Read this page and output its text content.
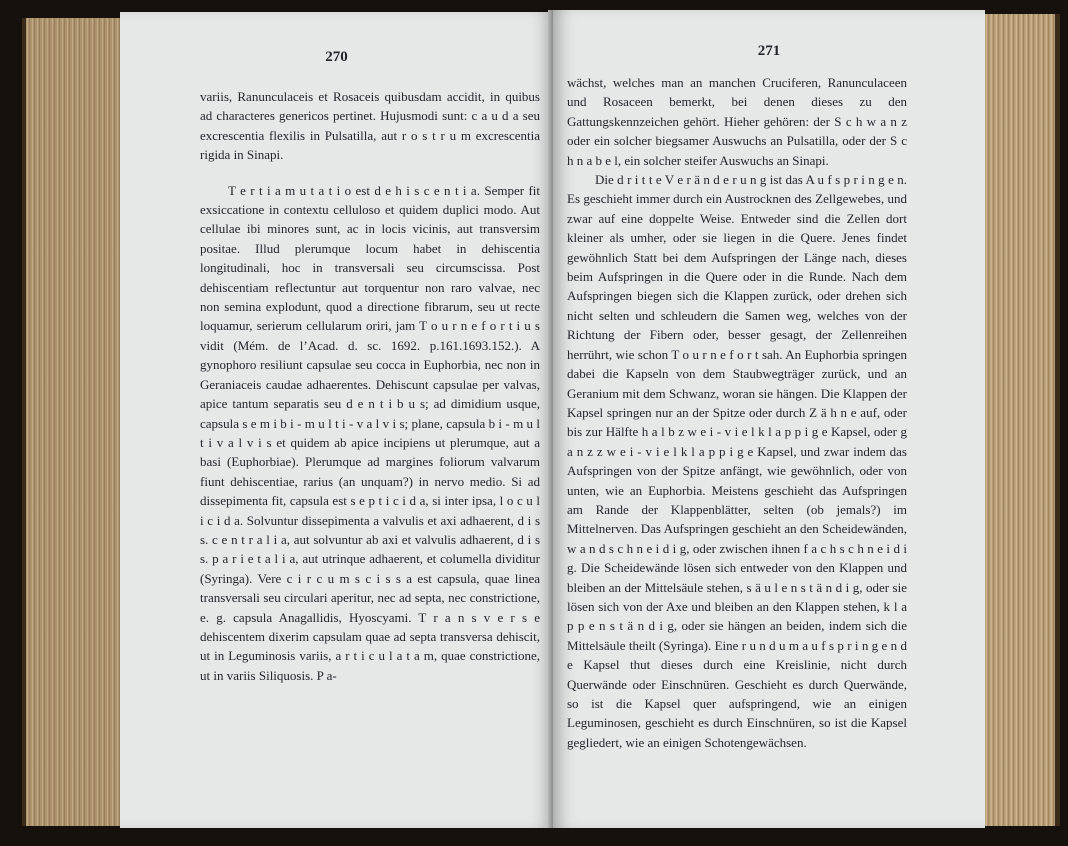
270

variis, Ranunculaceis et Rosaceis quibusdam accidit, in quibus ad characteres genericos pertinet. Hujusmodi sunt: c a u d a seu excrescentia flexilis in Pulsatilla, aut r o s t r u m excrescentia rigida in Sinapi.

T e r t i a m u t a t i o est d e h i s c e n t i a. Semper fit exsiccatione in contextu celluloso et quidem duplici modo. Aut cellulae ibi minores sunt, ac in locis vicinis, aut transversim positae. Illud plerumque locum habet in dehiscentia longitudinali, hoc in transversali seu circumscissa. Post dehiscentiam reflectuntur aut torquentur non raro valvae, nec non semina explodunt, quod a directione fibrarum, seu ut recte loquamur, serierum cellularum oriri, jam T o u r n e f o r t i u s vidit (Mém. de l’Acad. d. sc. 1692. p.161.1693.152.). A gynophoro resiliunt capsulae seu cocca in Euphorbia, nec non in Geraniaceis caudae adhaerentes. Dehiscunt capsulae per valvas, apice tantum separatis seu d e n t i b u s; ad dimidium usque, capsula s e m i b i - m u l t i - v a l v i s; plane, capsula b i - m u l t i v a l v i s et quidem ab apice incipiens ut plerumque, aut a basi (Euphorbiae). Plerumque ad margines foliorum valvarum fiunt dehiscentiae, rarius (an unquam?) in nervo medio. Si ad dissepimenta fit, capsula est s e p t i c i d a, si inter ipsa, l o c u l i c i d a. Solvuntur dissepimenta a valvulis et axi adhaerent, d i s s. c e n t r a l i a, aut solvuntur ab axi et valvulis adhaerent, d i s s. p a r i e t a l i a, aut utrinque adhaerent, et columella dividitur (Syringa). Vere c i r c u m s c i s s a est capsula, quae linea transversali seu circulari aperitur, nec ad septa, nec constrictione, e. g. capsula Anagallidis, Hyoscyami. T r a n s v e r s e dehiscentem dixerim capsulam quae ad septa transversa dehiscit, ut in Leguminosis variis, a r t i c u l a t a m, quae constrictione, ut in variis Siliquosis. P a-

271

wächst, welches man an manchen Cruciferen, Ranunculaceen und Rosaceen bemerkt, bei denen dieses zu den Gattungskennzeichen gehört. Hieher gehören: der S c h w a n z oder ein solcher biegsamer Auswuchs an Pulsatilla, oder der S c h n a b e l, ein solcher steifer Auswuchs an Sinapi.

Die d r i t t e V e r ä n d e r u n g ist das A u f s p r i n g e n. Es geschieht immer durch ein Austrocknen des Zellgewebes, und zwar auf eine doppelte Weise. Entweder sind die Zellen dort kleiner als umher, oder sie liegen in die Quere. Jenes findet gewöhnlich Statt bei dem Aufspringen der Länge nach, dieses beim Aufspringen in die Quere oder in die Runde. Nach dem Aufspringen biegen sich die Klappen zurück, oder drehen sich nicht selten und schleudern die Samen weg, welches von der Richtung der Fibern oder, besser gesagt, der Zellenreihen herrührt, wie schon T o u r n e f o r t sah. An Euphorbia springen dabei die Kapseln von dem Staubwegträger zurück, und an Geranium mit dem Schwanz, woran sie hängen. Die Klappen der Kapsel springen nur an der Spitze oder durch Z ä h n e auf, oder bis zur Hälfte h a l b z w e i - v i e l k l a p p i g e Kapsel, oder g a n z z w e i - v i e l k l a p p i g e Kapsel, und zwar indem das Aufspringen von der Spitze anfängt, wie gewöhnlich, oder von unten, wie an Euphorbia. Meistens geschieht das Aufspringen am Rande der Klappenblätter, selten (ob jemals?) im Mittelnerven. Das Aufspringen geschieht an den Scheidewänden, w a n d s c h n e i d i g, oder zwischen ihnen f a c h s c h n e i d i g. Die Scheidewände lösen sich entweder von den Klappen und bleiben an der Mittelsäule stehen, s ä u l e n s t ä n d i g, oder sie lösen sich von der Axe und bleiben an den Klappen stehen, k l a p p e n s t ä n d i g, oder sie hängen an beiden, indem sich die Mittelsäule theilt (Syringa). Eine r u n d u m a u f s p r i n g e n d e Kapsel thut dieses durch eine Kreislinie, nicht durch Querwände oder Einschnüren. Geschieht es durch Querwände, so ist die Kapsel quer aufspringend, wie an einigen Leguminosen, geschieht es durch Einschnüren, so ist die Kapsel gegliedert, wie an einigen Schotengewächsen.
